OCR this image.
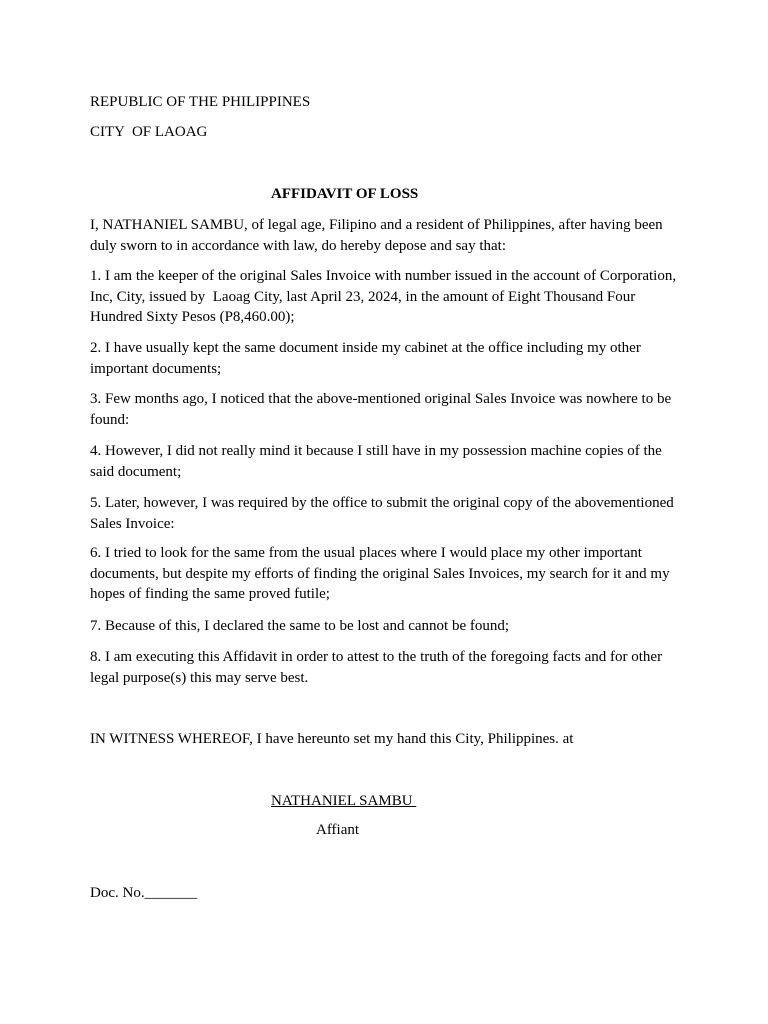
REPUBLIC OF THE PHILIPPINES
CITY  OF LAOAG
AFFIDAVIT OF LOSS
I, NATHANIEL SAMBU, of legal age, Filipino and a resident of Philippines, after having been duly sworn to in accordance with law, do hereby depose and say that:
1. I am the keeper of the original Sales Invoice with number issued in the account of Corporation, Inc, City, issued by  Laoag City, last April 23, 2024, in the amount of Eight Thousand Four Hundred Sixty Pesos (P8,460.00);
2. I have usually kept the same document inside my cabinet at the office including my other important documents;
3. Few months ago, I noticed that the above-mentioned original Sales Invoice was nowhere to be found:
4. However, I did not really mind it because I still have in my possession machine copies of the said document;
5. Later, however, I was required by the office to submit the original copy of the abovementioned Sales Invoice:
6. I tried to look for the same from the usual places where I would place my other important documents, but despite my efforts of finding the original Sales Invoices, my search for it and my hopes of finding the same proved futile;
7. Because of this, I declared the same to be lost and cannot be found;
8. I am executing this Affidavit in order to attest to the truth of the foregoing facts and for other legal purpose(s) this may serve best.
IN WITNESS WHEREOF, I have hereunto set my hand this City, Philippines. at
NATHANIEL SAMBU
Affiant
Doc. No._______
